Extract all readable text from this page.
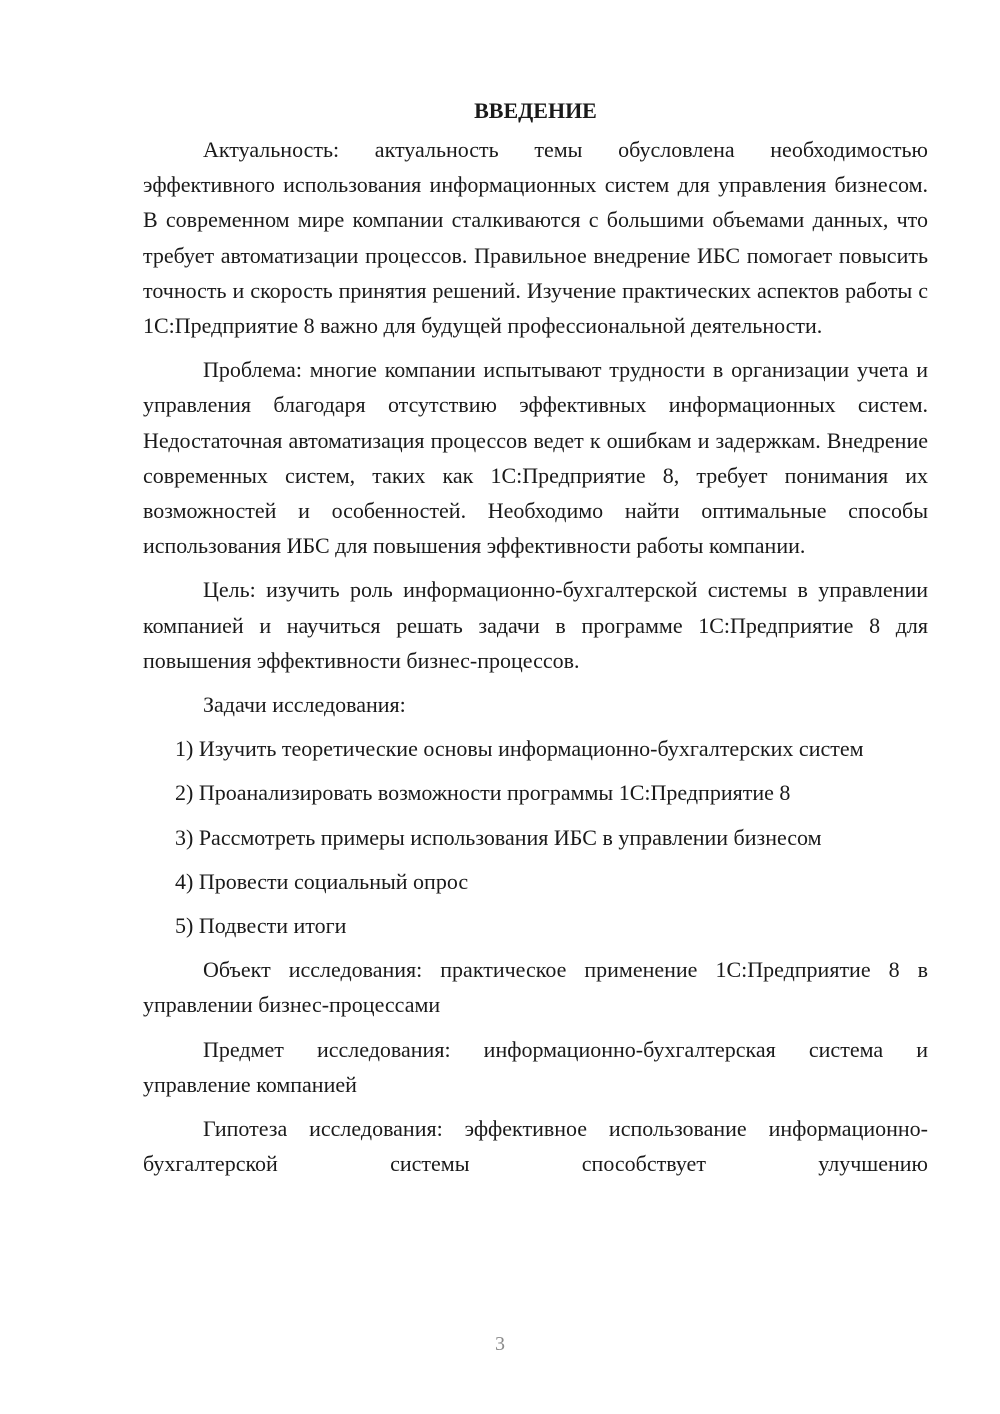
ВВЕДЕНИЕ

Актуальность: актуальность темы обусловлена необходимостью эффективного использования информационных систем для управления бизнесом. В современном мире компании сталкиваются с большими объемами данных, что требует автоматизации процессов. Правильное внедрение ИБС помогает повысить точность и скорость принятия решений. Изучение практических аспектов работы с 1С:Предприятие 8 важно для будущей профессиональной деятельности.

Проблема: многие компании испытывают трудности в организации учета и управления благодаря отсутствию эффективных информационных систем. Недостаточная автоматизация процессов ведет к ошибкам и задержкам. Внедрение современных систем, таких как 1С:Предприятие 8, требует понимания их возможностей и особенностей. Необходимо найти оптимальные способы использования ИБС для повышения эффективности работы компании.

Цель: изучить роль информационно-бухгалтерской системы в управлении компанией и научиться решать задачи в программе 1С:Предприятие 8 для повышения эффективности бизнес-процессов.

Задачи исследования:

1) Изучить теоретические основы информационно-бухгалтерских систем

2) Проанализировать возможности программы 1С:Предприятие 8

3) Рассмотреть примеры использования ИБС в управлении бизнесом

4) Провести социальный опрос

5) Подвести итоги

Объект исследования: практическое применение 1С:Предприятие 8 в управлении бизнес-процессами

Предмет исследования: информационно-бухгалтерская система и управление компанией

Гипотеза исследования: эффективное использование информационно-бухгалтерской системы способствует улучшению

3
